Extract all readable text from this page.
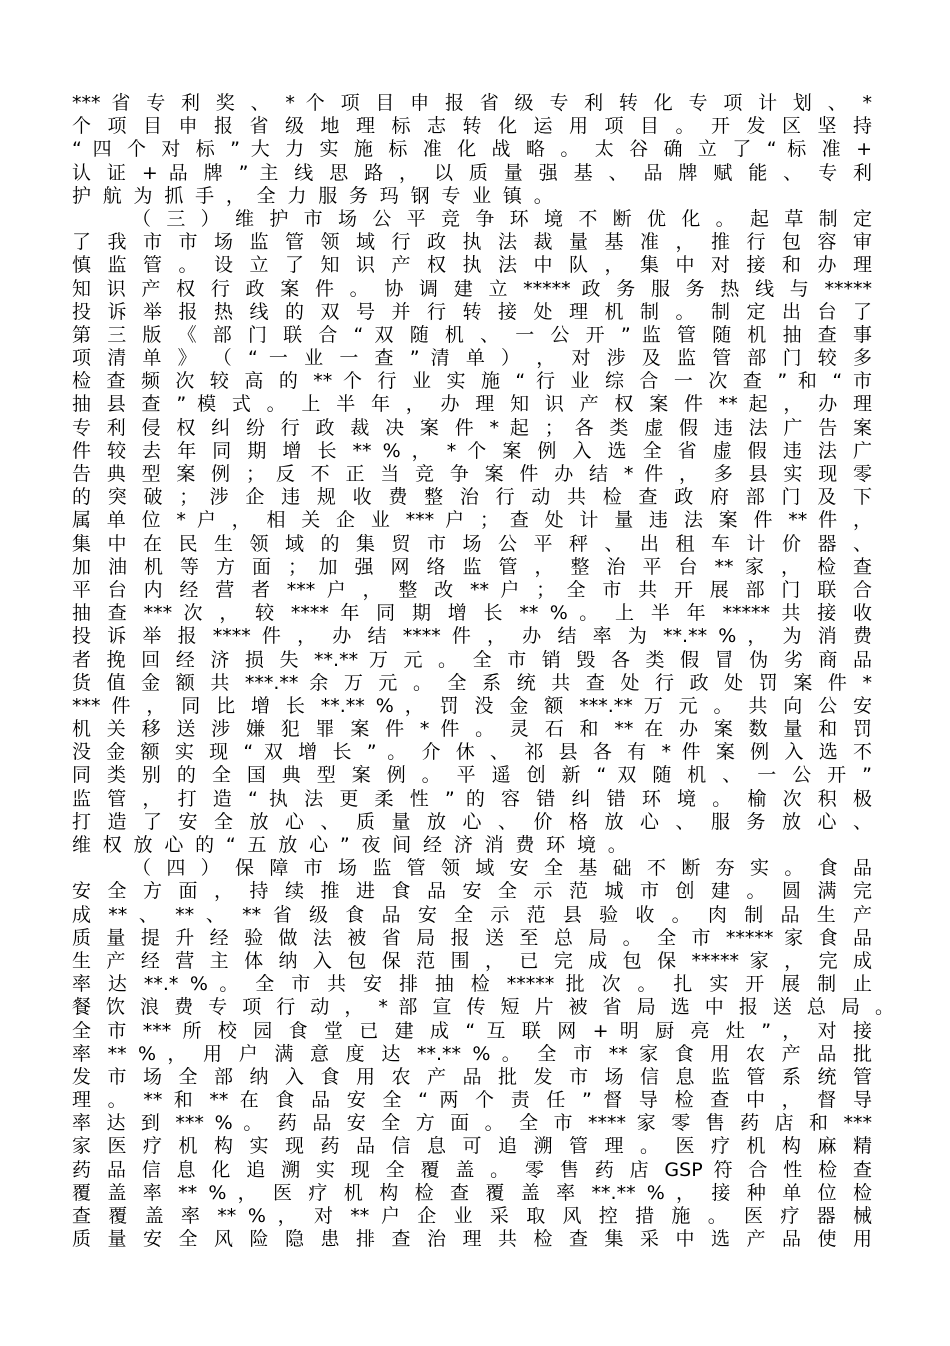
*** 省 专 利 奖 、 * 个 项 目 申 报 省 级 专 利 转 化 专 项 计 划 、 *
个 项 目 申 报 省 级 地 理 标 志 转 化 运 用 项 目 。 开 发 区 坚 持
“ 四 个 对 标 ” 大 力 实 施 标 准 化 战 略 。 太 谷 确 立 了 “ 标 准 +
认 证 + 品 牌 ” 主 线 思 路 ， 以 质 量 强 基 、 品 牌 赋 能 、 专 利
护航为抓手，全力服务玛钢专业镇。
（ 三 ） 维 护 市 场 公 平 竞 争 环 境 不 断 优 化 。 起 草 制 定
了 我 市 市 场 监 管 领 域 行 政 执 法 裁 量 基 准 ， 推 行 包 容 审
慎 监 管 。 设 立 了 知 识 产 权 执 法 中 队 ， 集 中 对 接 和 办 理
知 识 产 权 行 政 案 件 。 协 调 建 立 ***** 政 务 服 务 热 线 与 *****
投 诉 举 报 热 线 的 双 号 并 行 转 接 处 理 机 制 。 制 定 出 台 了
第 三 版 《 部 门 联 合 “ 双 随 机 、 一 公 开 ” 监 管 随 机 抽 查 事
项 清 单 》 （ “ 一 业 一 查 ” 清 单 ） ， 对 涉 及 监 管 部 门 较 多
检 查 频 次 较 高 的 ** 个 行 业 实 施 “ 行 业 综 合 一 次 查 ” 和 “ 市
抽 县 查 ” 模 式 。 上 半 年 ， 办 理 知 识 产 权 案 件 ** 起 ， 办 理
专 利 侵 权 纠 纷 行 政 裁 决 案 件 * 起 ； 各 类 虚 假 违 法 广 告 案
件 较 去 年 同 期 增 长 ** % ， * 个 案 例 入 选 全 省 虚 假 违 法 广
告 典 型 案 例 ； 反 不 正 当 竞 争 案 件 办 结 * 件 ， 多 县 实 现 零
的 突 破 ； 涉 企 违 规 收 费 整 治 行 动 共 检 查 政 府 部 门 及 下
属 单 位 * 户 ， 相 关 企 业 *** 户 ； 查 处 计 量 违 法 案 件 ** 件 ，
集 中 在 民 生 领 域 的 集 贸 市 场 公 平 秤 、 出 租 车 计 价 器 、
加 油 机 等 方 面 ； 加 强 网 络 监 管 ， 整 治 平 台 ** 家 ， 检 查
平 台 内 经 营 者 *** 户 ， 整 改 ** 户 ； 全 市 共 开 展 部 门 联 合
抽 查 *** 次 ， 较 **** 年 同 期 增 长 ** % 。 上 半 年 ***** 共 接 收
投 诉 举 报 **** 件 ， 办 结 **** 件 ， 办 结 率 为 **.** % ， 为 消 费
者 挽 回 经 济 损 失 **.** 万 元 。 全 市 销 毁 各 类 假 冒 伪 劣 商 品
货 值 金 额 共 ***.** 余 万 元 。 全 系 统 共 查 处 行 政 处 罚 案 件 *
*** 件 ， 同 比 增 长 **.** % ， 罚 没 金 额 ***.** 万 元 。 共 向 公 安
机 关 移 送 涉 嫌 犯 罪 案 件 * 件 。 灵 石 和 ** 在 办 案 数 量 和 罚
没 金 额 实 现 “ 双 增 长 ” 。 介 休 、 祁 县 各 有 * 件 案 例 入 选 不
同 类 别 的 全 国 典 型 案 例 。 平 遥 创 新 “ 双 随 机 、 一 公 开 ”
监 管 ， 打 造 “ 执 法 更 柔 性 ” 的 容 错 纠 错 环 境 。 榆 次 积 极
打 造 了 安 全 放 心 、 质 量 放 心 、 价 格 放 心 、 服 务 放 心 、
维权放心的“五放心”夜间经济消费环境。
（ 四 ） 保 障 市 场 监 管 领 域 安 全 基 础 不 断 夯 实 。 食 品
安 全 方 面 ， 持 续 推 进 食 品 安 全 示 范 城 市 创 建 。 圆 满 完
成 ** 、 ** 、 ** 省 级 食 品 安 全 示 范 县 验 收 。 肉 制 品 生 产
质 量 提 升 经 验 做 法 被 省 局 报 送 至 总 局 。 全 市 ***** 家 食 品
生 产 经 营 主 体 纳 入 包 保 范 围 ， 已 完 成 包 保 ***** 家 ， 完 成
率 达 **.* % 。 全 市 共 安 排 抽 检 ***** 批 次 。 扎 实 开 展 制 止
餐 饮 浪 费 专 项 行 动 ， * 部 宣 传 短 片 被 省 局 选 中 报 送 总 局 。
全 市 *** 所 校 园 食 堂 已 建 成 “ 互 联 网 + 明 厨 亮 灶 ” ， 对 接
率 ** % ， 用 户 满 意 度 达 **.** % 。 全 市 ** 家 食 用 农 产 品 批
发 市 场 全 部 纳 入 食 用 农 产 品 批 发 市 场 信 息 监 管 系 统 管
理 。 ** 和 ** 在 食 品 安 全 “ 两 个 责 任 ” 督 导 检 查 中 ， 督 导
率 达 到 *** % 。 药 品 安 全 方 面 。 全 市 **** 家 零 售 药 店 和 ***
家 医 疗 机 构 实 现 药 品 信 息 可 追 溯 管 理 。 医 疗 机 构 麻 精
药 品 信 息 化 追 溯 实 现 全 覆 盖 。 零 售 药 店 GSP 符 合 性 检 查
覆 盖 率 ** % ， 医 疗 机 构 检 查 覆 盖 率 **.** % ， 接 种 单 位 检
查 覆 盖 率 ** % ， 对 ** 户 企 业 采 取 风 控 措 施 。 医 疗 器 械
质 量 安 全 风 险 隐 患 排 查 治 理 共 检 查 集 采 中 选 产 品 使 用
